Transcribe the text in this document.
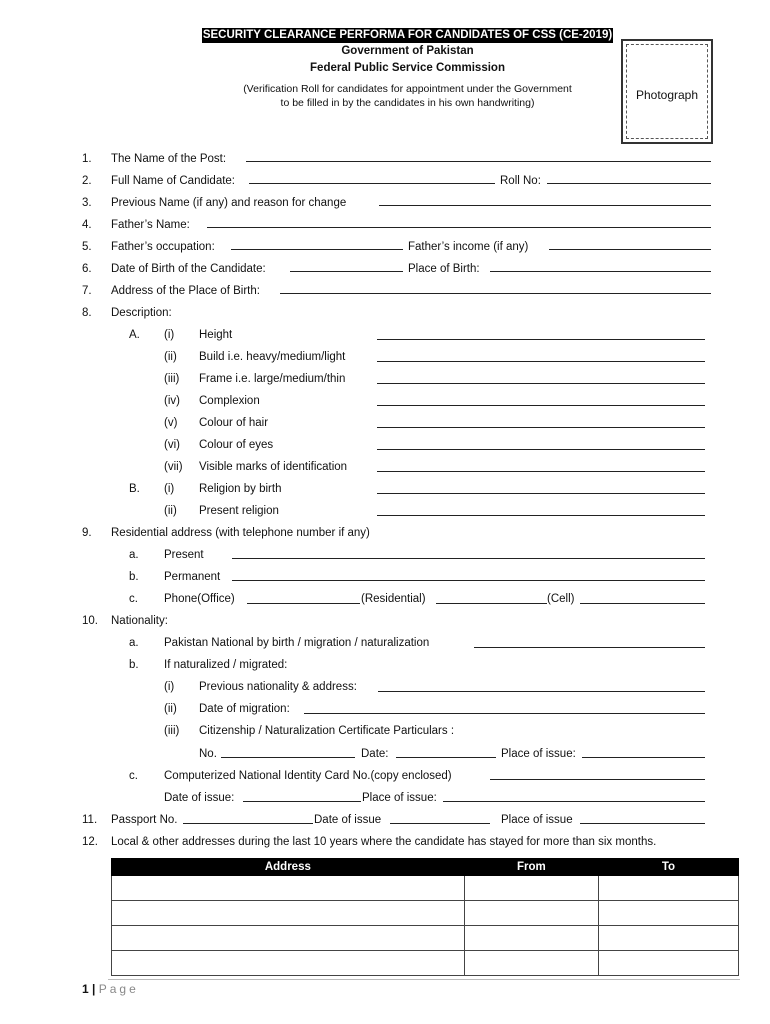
SECURITY CLEARANCE PERFORMA FOR CANDIDATES OF CSS (CE-2019)
Government of Pakistan
Federal Public Service Commission
(Verification Roll for candidates for appointment under the Government
to be filled in by the candidates in his own handwriting)
Photograph
1. The Name of the Post:
2. Full Name of Candidate:	Roll No:
3. Previous Name (if any) and reason for change
4. Father’s Name:
5. Father’s occupation:	Father’s income (if any)
6. Date of Birth of the Candidate:	Place of Birth:
7. Address of the Place of Birth:
8. Description:
A. (i) Height
(ii) Build i.e. heavy/medium/light
(iii) Frame i.e. large/medium/thin
(iv) Complexion
(v) Colour of hair
(vi) Colour of eyes
(vii) Visible marks of identification
B. (i) Religion by birth
(ii) Present religion
9. Residential address (with telephone number if any)
a. Present
b. Permanent
c. Phone(Office)	(Residential)	(Cell)
10. Nationality:
a. Pakistan National by birth / migration / naturalization
b. If naturalized / migrated:
(i) Previous nationality & address:
(ii) Date of migration:
(iii) Citizenship / Naturalization Certificate Particulars :
No.	Date:	Place of issue:
c. Computerized National Identity Card No.(copy enclosed)
Date of issue:	Place of issue:
11. Passport No.	Date of issue	Place of issue
12. Local & other addresses during the last 10 years where the candidate has stayed for more than six months.
Address	From	To

1 | Page
